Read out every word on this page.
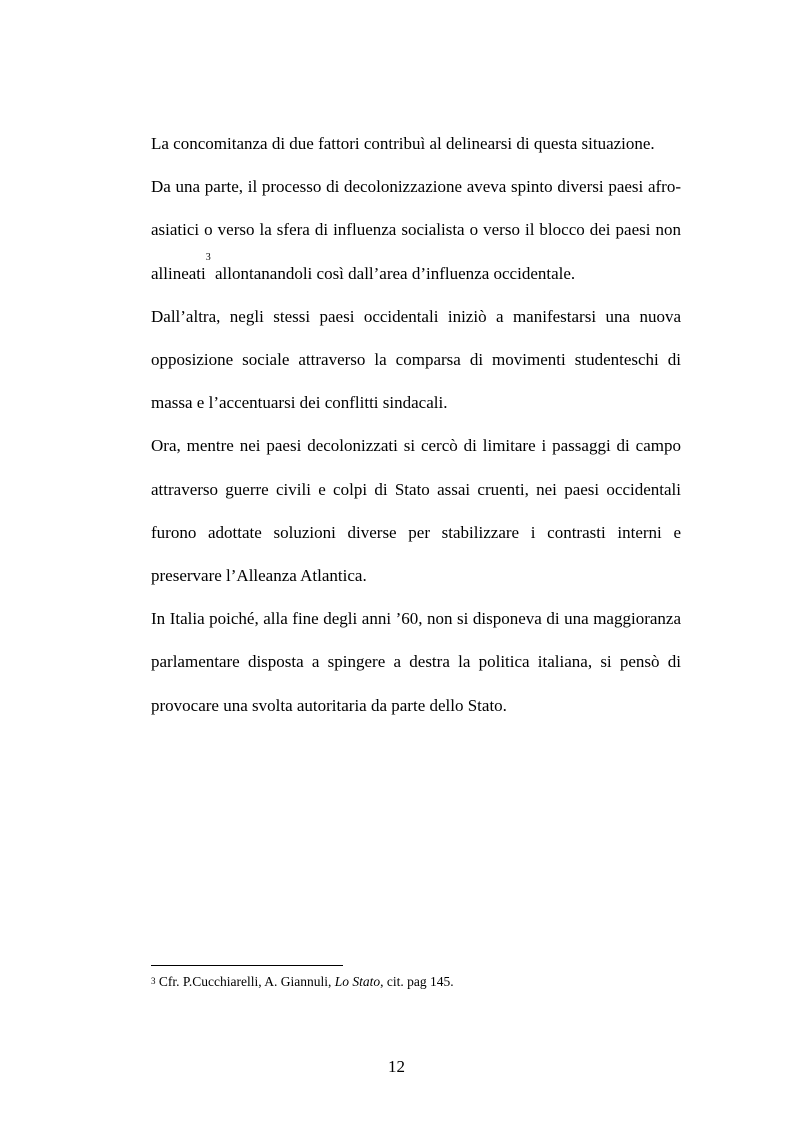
La concomitanza di due fattori contribuì al delinearsi di questa situazione.

Da una parte, il processo di decolonizzazione aveva spinto diversi paesi afro-asiatici o verso la sfera di influenza socialista o verso il blocco dei paesi non allineati$^3$ allontanandoli così dall’area d’influenza occidentale.

Dall’altra, negli stessi paesi occidentali iniziò a manifestarsi una nuova opposizione sociale attraverso la comparsa di movimenti studenteschi di massa e l’accentuarsi dei conflitti sindacali.

Ora, mentre nei paesi decolonizzati si cercò di limitare i passaggi di campo attraverso guerre civili e colpi di Stato assai cruenti, nei paesi occidentali furono adottate soluzioni diverse per stabilizzare i contrasti interni e preservare l’Alleanza Atlantica.

In Italia poiché, alla fine degli anni ’60, non si disponeva di una maggioranza parlamentare disposta a spingere a destra la politica italiana, si pensò di provocare una svolta autoritaria da parte dello Stato.

$^3$ Cfr. P.Cucchiarelli, A. Giannuli, Lo Stato, cit. pag 145.
12
